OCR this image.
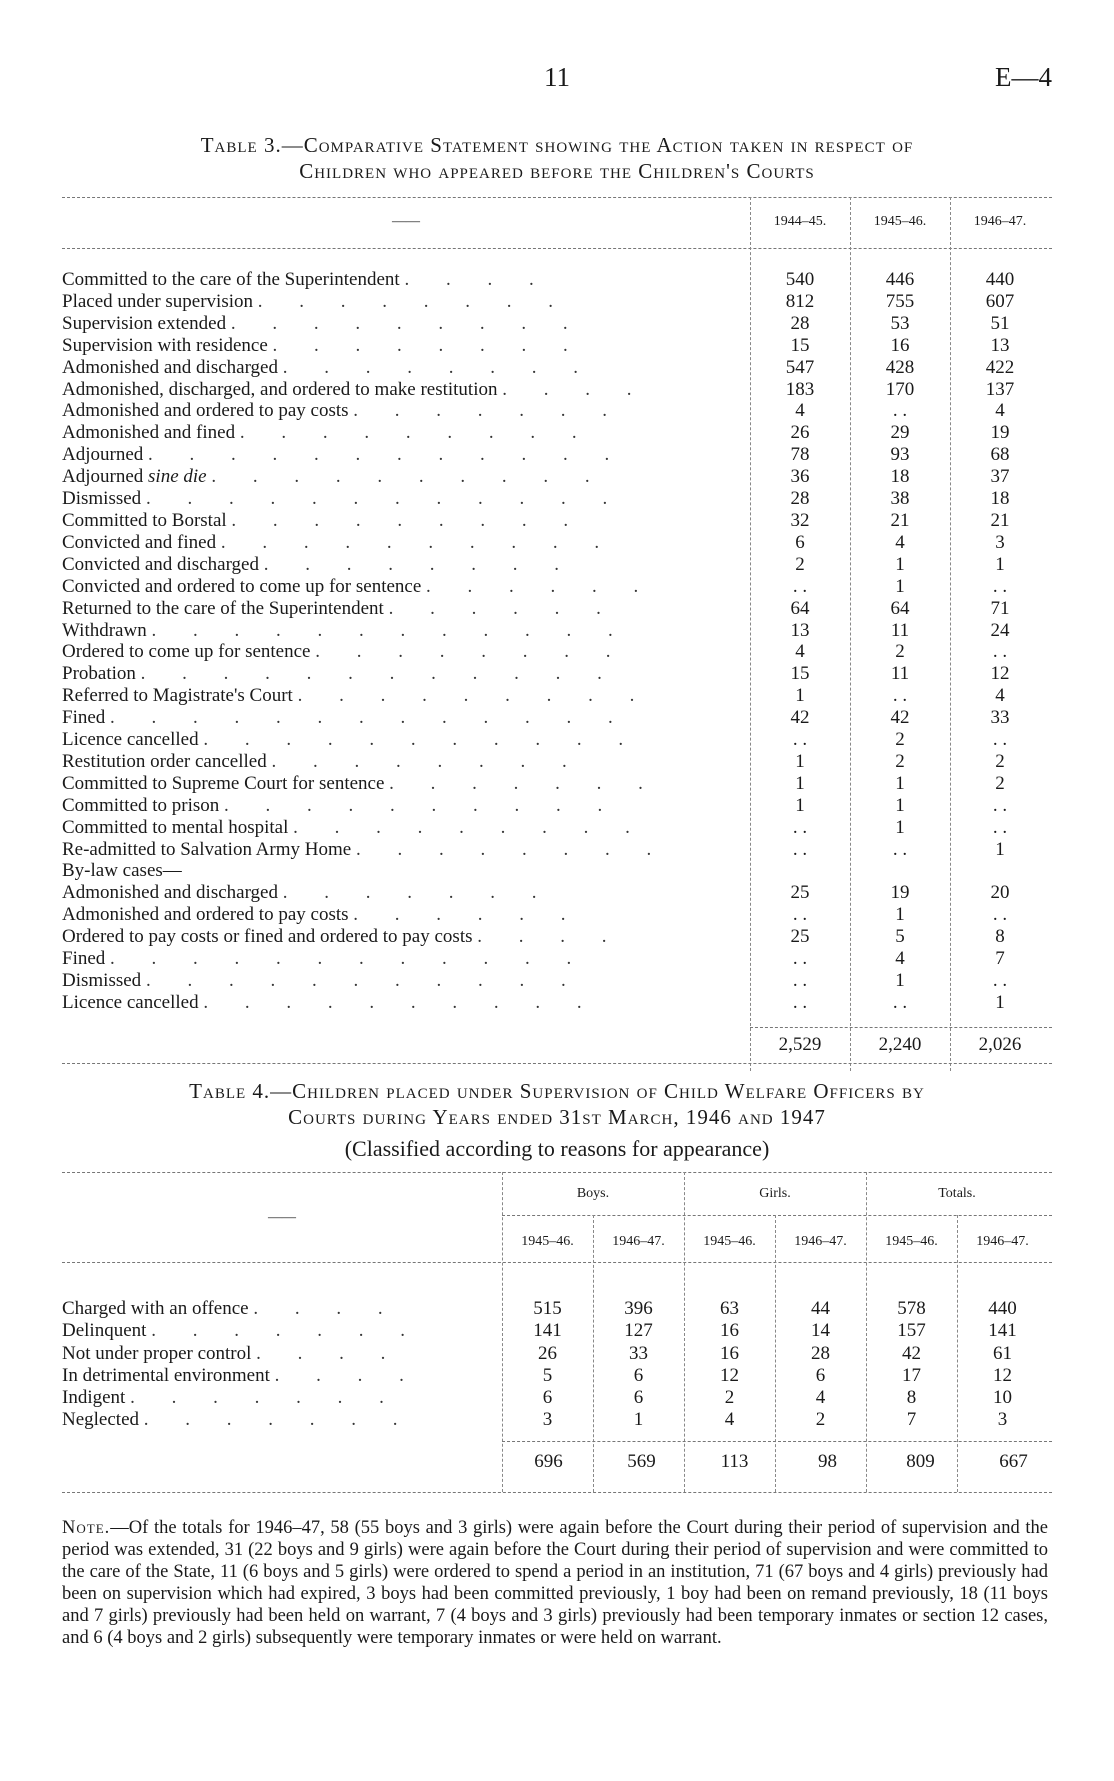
11	E—4
Table 3.—Comparative Statement showing the Action taken in respect of
Children who appeared before the Children's Courts
——	1944–45.	1945–46.	1946–47.
Committed to the care of the Superintendent . . . .	540	446	440
Placed under supervision . . . . . . . .	812	755	607
Supervision extended . . . . . . . . .	28	53	51
Supervision with residence . . . . . . . .	15	16	13
Admonished and discharged . . . . . . . .	547	428	422
Admonished, discharged, and ordered to make restitution . . . .	183	170	137
Admonished and ordered to pay costs . . . . . . .	4	. .	4
Admonished and fined . . . . . . . . .	26	29	19
Adjourned . . . . . . . . . . . .	78	93	68
Adjourned sine die . . . . . . . . . .	36	18	37
Dismissed . . . . . . . . . . . .	28	38	18
Committed to Borstal . . . . . . . . .	32	21	21
Convicted and fined . . . . . . . . . .	6	4	3
Convicted and discharged . . . . . . . .	2	1	1
Convicted and ordered to come up for sentence . . . . . .	. .	1	. .
Returned to the care of the Superintendent . . . . . .	64	64	71
Withdrawn . . . . . . . . . . . .	13	11	24
Ordered to come up for sentence . . . . . . . .	4	2	. .
Probation . . . . . . . . . . . .	15	11	12
Referred to Magistrate's Court . . . . . . . . .	1	. .	4
Fined . . . . . . . . . . . . .	42	42	33
Licence cancelled . . . . . . . . . . .	. .	2	. .
Restitution order cancelled . . . . . . . .	1	2	2
Committed to Supreme Court for sentence . . . . . . .	1	1	2
Committed to prison . . . . . . . . . .	1	1	. .
Committed to mental hospital . . . . . . . . .	. .	1	. .
Re-admitted to Salvation Army Home . . . . . . . .	. .	. .	1
By-law cases—			
Admonished and discharged . . . . . . .	25	19	20
Admonished and ordered to pay costs . . . . . .	. .	1	. .
Ordered to pay costs or fined and ordered to pay costs . . . .	25	5	8
Fined . . . . . . . . . . . .	. .	4	7
Dismissed . . . . . . . . . . .	. .	1	. .
Licence cancelled . . . . . . . . . .	. .	. .	1
	2,529	2,240	2,026
Table 4.—Children placed under Supervision of Child Welfare Officers by
Courts during Years ended 31st March, 1946 and 1947
(Classified according to reasons for appearance)
——
Boys.	Girls.	Totals.
1945–46.	1946–47.	1945–46.	1946–47.	1945–46.	1946–47.
Charged with an offence . . . .	515	396	63	44	578	440
Delinquent . . . . . . .	141	127	16	14	157	141
Not under proper control . . . .	26	33	16	28	42	61
In detrimental environment . . . .	5	6	12	6	17	12
Indigent . . . . . . .	6	6	2	4	8	10
Neglected . . . . . . .	3	1	4	2	7	3
696	569	113	98	809	667
Note.—Of the totals for 1946–47, 58 (55 boys and 3 girls) were again before the Court during their period of supervision and the period was extended, 31 (22 boys and 9 girls) were again before the Court during their period of supervision and were committed to the care of the State, 11 (6 boys and 5 girls) were ordered to spend a period in an institution, 71 (67 boys and 4 girls) previously had been on supervision which had expired, 3 boys had been committed previously, 1 boy had been on remand previously, 18 (11 boys and 7 girls) previously had been held on warrant, 7 (4 boys and 3 girls) previously had been temporary inmates or section 12 cases, and 6 (4 boys and 2 girls) subsequently were temporary inmates or were held on warrant.
